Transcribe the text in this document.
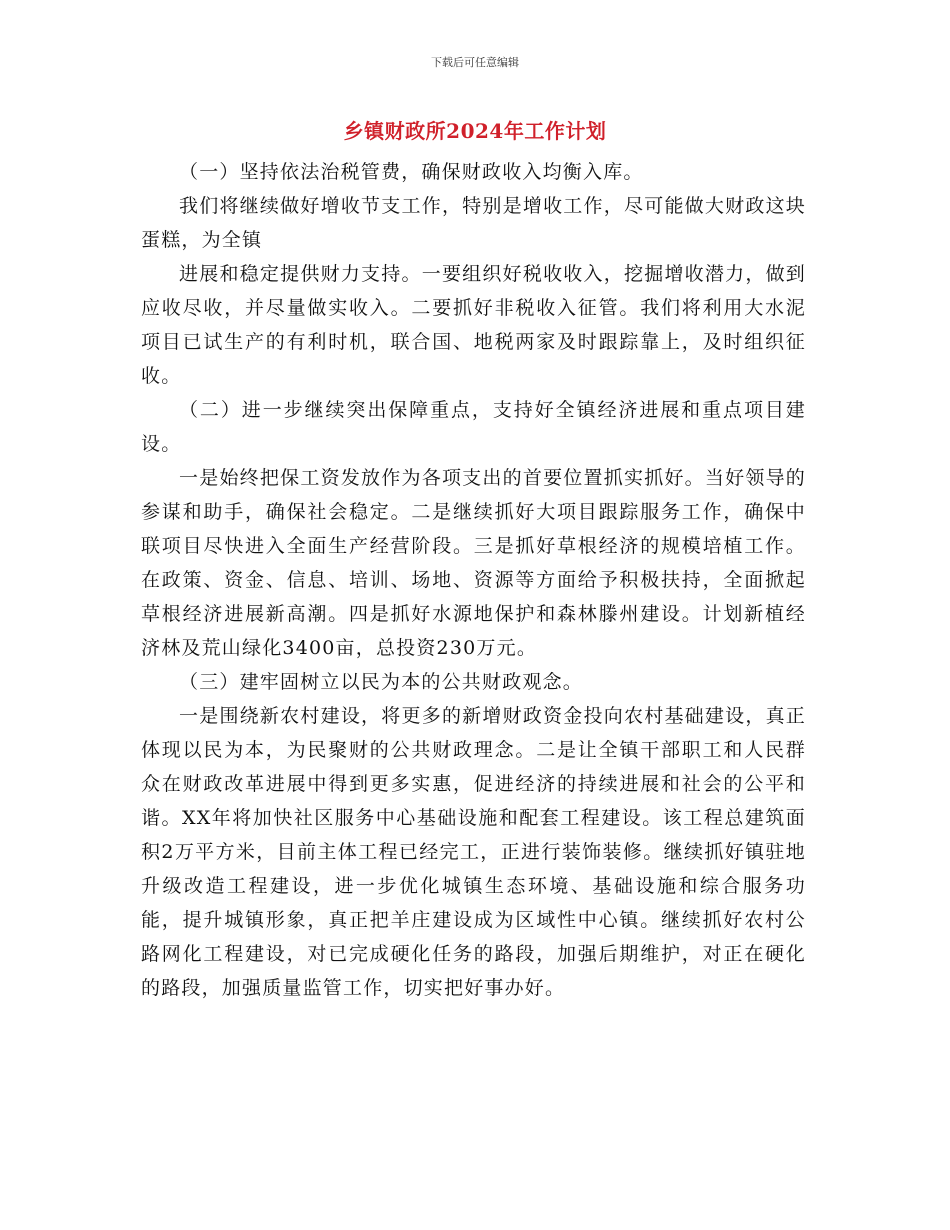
下载后可任意编辑
乡镇财政所2024年工作计划

（一）坚持依法治税管费，确保财政收入均衡入库。

我们将继续做好增收节支工作，特别是增收工作，尽可能做大财政这块蛋糕，为全镇

进展和稳定提供财力支持。一要组织好税收收入，挖掘增收潜力，做到应收尽收，并尽量做实收入。二要抓好非税收入征管。我们将利用大水泥项目已试生产的有利时机，联合国、地税两家及时跟踪靠上，及时组织征收。

（二）进一步继续突出保障重点，支持好全镇经济进展和重点项目建设。

一是始终把保工资发放作为各项支出的首要位置抓实抓好。当好领导的参谋和助手，确保社会稳定。二是继续抓好大项目跟踪服务工作，确保中联项目尽快进入全面生产经营阶段。三是抓好草根经济的规模培植工作。在政策、资金、信息、培训、场地、资源等方面给予积极扶持，全面掀起草根经济进展新高潮。四是抓好水源地保护和森林滕州建设。计划新植经济林及荒山绿化3400亩，总投资230万元。

（三）建牢固树立以民为本的公共财政观念。

一是围绕新农村建设，将更多的新增财政资金投向农村基础建设，真正体现以民为本，为民聚财的公共财政理念。二是让全镇干部职工和人民群众在财政改革进展中得到更多实惠，促进经济的持续进展和社会的公平和谐。XX年将加快社区服务中心基础设施和配套工程建设。该工程总建筑面积2万平方米，目前主体工程已经完工，正进行装饰装修。继续抓好镇驻地升级改造工程建设，进一步优化城镇生态环境、基础设施和综合服务功能，提升城镇形象，真正把羊庄建设成为区域性中心镇。继续抓好农村公路网化工程建设，对已完成硬化任务的路段，加强后期维护，对正在硬化的路段，加强质量监管工作，切实把好事办好。
